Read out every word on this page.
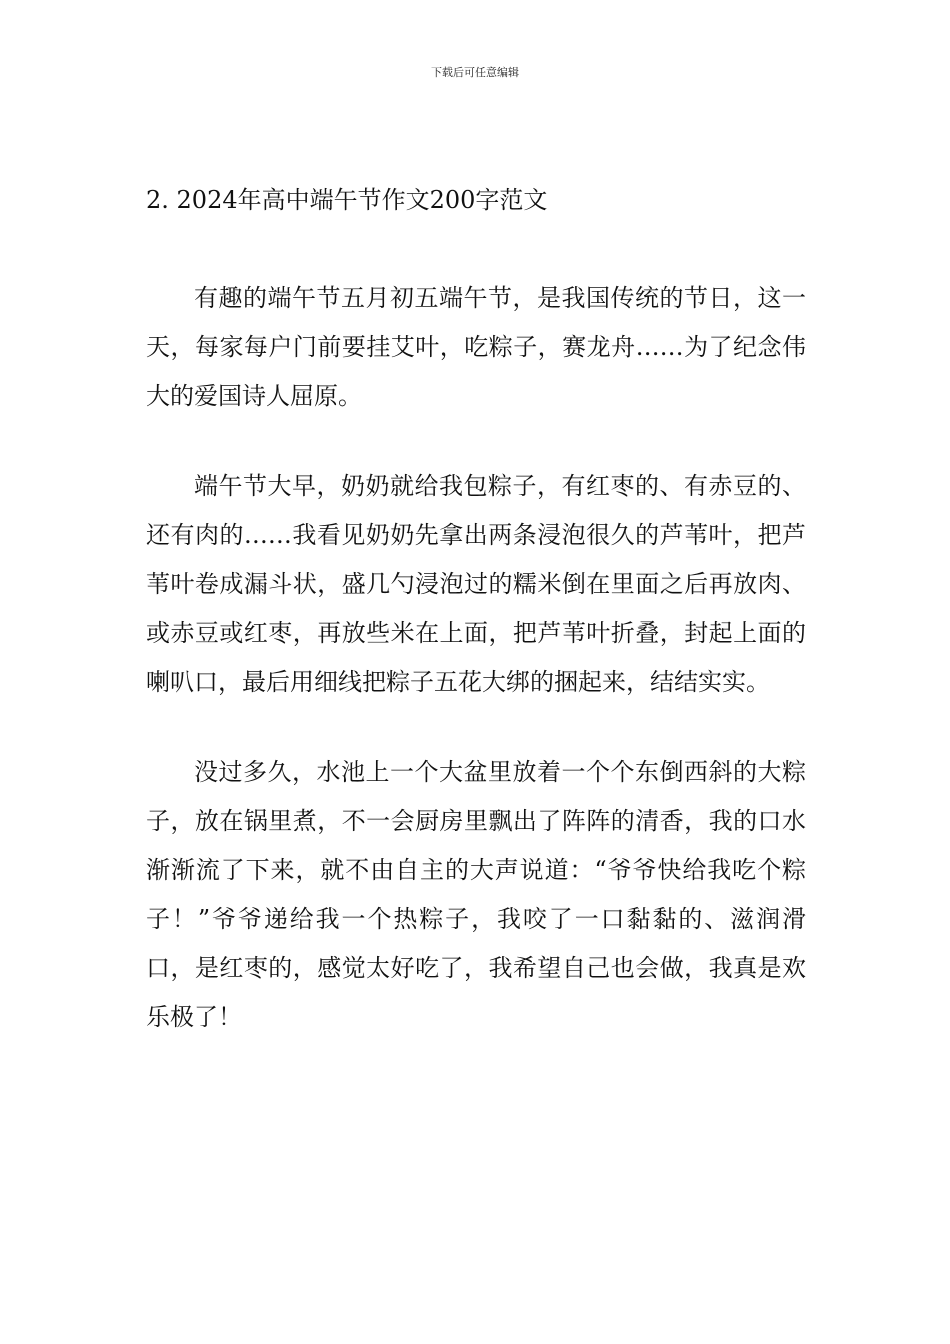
下载后可任意编辑
2. 2024年高中端午节作文200字范文

有趣的端午节五月初五端午节，是我国传统的节日，这一天，每家每户门前要挂艾叶，吃粽子，赛龙舟……为了纪念伟大的爱国诗人屈原。

端午节大早，奶奶就给我包粽子，有红枣的、有赤豆的、还有肉的……我看见奶奶先拿出两条浸泡很久的芦苇叶，把芦苇叶卷成漏斗状，盛几勺浸泡过的糯米倒在里面之后再放肉、或赤豆或红枣，再放些米在上面，把芦苇叶折叠，封起上面的喇叭口，最后用细线把粽子五花大绑的捆起来，结结实实。

没过多久，水池上一个大盆里放着一个个东倒西斜的大粽子，放在锅里煮，不一会厨房里飘出了阵阵的清香，我的口水渐渐流了下来，就不由自主的大声说道：“爷爷快给我吃个粽子！”爷爷递给我一个热粽子，我咬了一口黏黏的、滋润滑口，是红枣的，感觉太好吃了，我希望自己也会做，我真是欢乐极了！
